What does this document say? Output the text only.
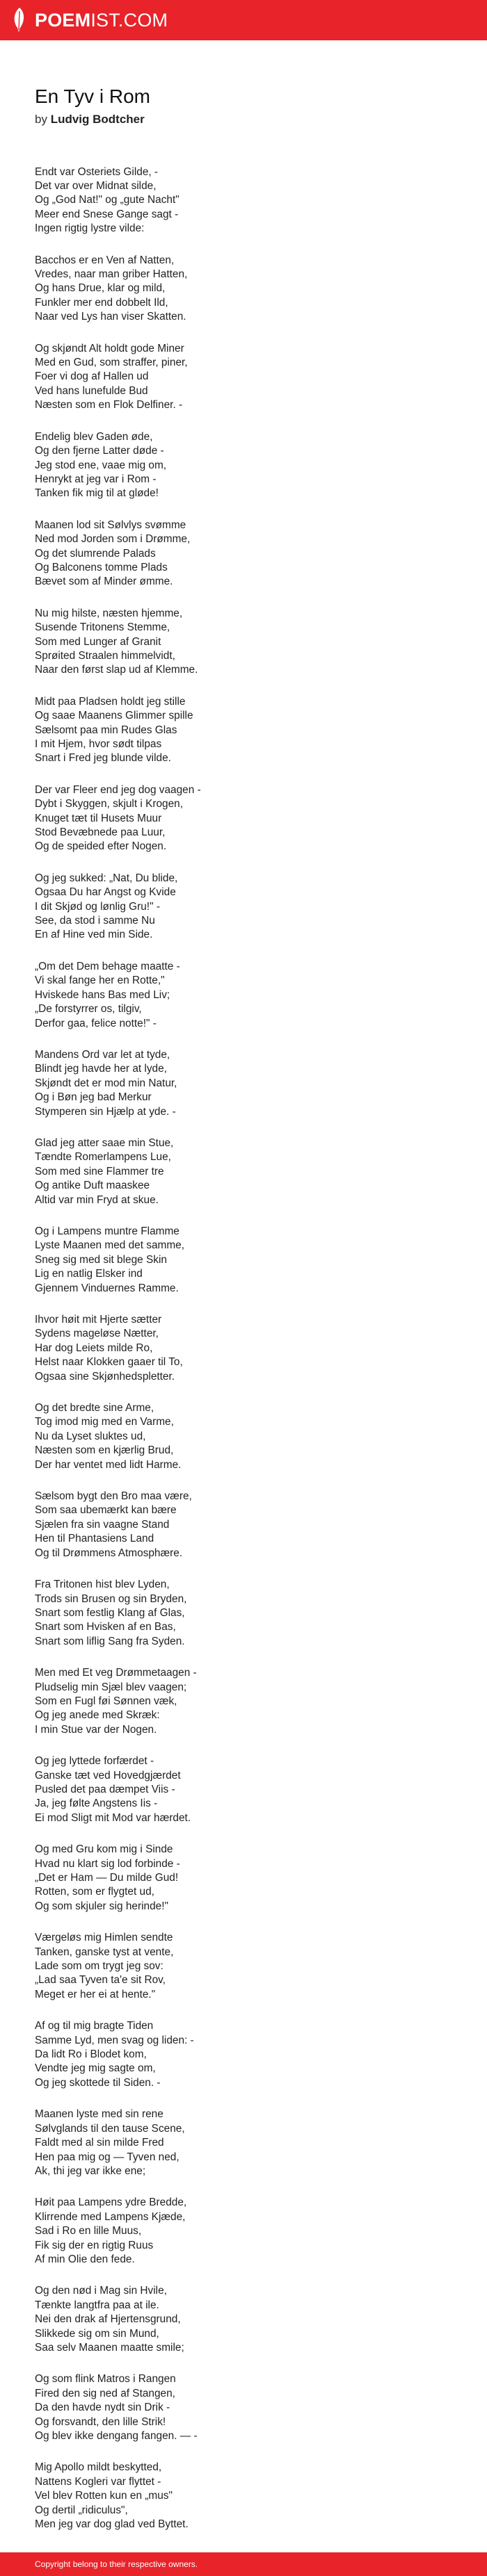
POEMIST.COM
En Tyv i Rom
by Ludvig Bodtcher
Endt var Osteriets Gilde, -
Det var over Midnat silde,
Og „God Nat!" og „gute Nacht"
Meer end Snese Gange sagt -
Ingen rigtig lystre vilde:
Bacchos er en Ven af Natten,
Vredes, naar man griber Hatten,
Og hans Drue, klar og mild,
Funkler mer end dobbelt Ild,
Naar ved Lys han viser Skatten.
Og skjøndt Alt holdt gode Miner
Med en Gud, som straffer, piner,
Foer vi dog af Hallen ud
Ved hans lunefulde Bud
Næsten som en Flok Delfiner. -
Endelig blev Gaden øde,
Og den fjerne Latter døde -
Jeg stod ene, vaae mig om,
Henrykt at jeg var i Rom -
Tanken fik mig til at gløde!
Maanen lod sit Sølvlys svømme
Ned mod Jorden som i Drømme,
Og det slumrende Palads
Og Balconens tomme Plads
Bævet som af Minder ømme.
Nu mig hilste, næsten hjemme,
Susende Tritonens Stemme,
Som med Lunger af Granit
Sprøited Straalen himmelvidt,
Naar den først slap ud af Klemme.
Midt paa Pladsen holdt jeg stille
Og saae Maanens Glimmer spille
Sælsomt paa min Rudes Glas
I mit Hjem, hvor sødt tilpas
Snart i Fred jeg blunde vilde.
Der var Fleer end jeg dog vaagen -
Dybt i Skyggen, skjult i Krogen,
Knuget tæt til Husets Muur
Stod Bevæbnede paa Luur,
Og de speided efter Nogen.
Og jeg sukked: „Nat, Du blide,
Ogsaa Du har Angst og Kvide
I dit Skjød og lønlig Gru!" -
See, da stod i samme Nu
En af Hine ved min Side.
„Om det Dem behage maatte -
Vi skal fange her en Rotte,"
Hviskede hans Bas med Liv;
„De forstyrrer os, tilgiv,
Derfor gaa, felice notte!" -
Mandens Ord var let at tyde,
Blindt jeg havde her at lyde,
Skjøndt det er mod min Natur,
Og i Bøn jeg bad Merkur
Stymperen sin Hjælp at yde. -
Glad jeg atter saae min Stue,
Tændte Romerlampens Lue,
Som med sine Flammer tre
Og antike Duft maaskee
Altid var min Fryd at skue.
Og i Lampens muntre Flamme
Lyste Maanen med det samme,
Sneg sig med sit blege Skin
Lig en natlig Elsker ind
Gjennem Vinduernes Ramme.
Ihvor høit mit Hjerte sætter
Sydens mageløse Nætter,
Har dog Leiets milde Ro,
Helst naar Klokken gaaer til To,
Ogsaa sine Skjønhedspletter.
Og det bredte sine Arme,
Tog imod mig med en Varme,
Nu da Lyset sluktes ud,
Næsten som en kjærlig Brud,
Der har ventet med lidt Harme.
Sælsom bygt den Bro maa være,
Som saa ubemærkt kan bære
Sjælen fra sin vaagne Stand
Hen til Phantasiens Land
Og til Drømmens Atmosphære.
Fra Tritonen hist blev Lyden,
Trods sin Brusen og sin Bryden,
Snart som festlig Klang af Glas,
Snart som Hvisken af en Bas,
Snart som liflig Sang fra Syden.
Men med Et veg Drømmetaagen -
Pludselig min Sjæl blev vaagen;
Som en Fugl føi Sønnen væk,
Og jeg anede med Skræk:
I min Stue var der Nogen.
Og jeg lyttede forfærdet -
Ganske tæt ved Hovedgjærdet
Pusled det paa dæmpet Viis -
Ja, jeg følte Angstens Iis -
Ei mod Sligt mit Mod var hærdet.
Og med Gru kom mig i Sinde
Hvad nu klart sig lod forbinde -
„Det er Ham — Du milde Gud!
Rotten, som er flygtet ud,
Og som skjuler sig herinde!"
Værgeløs mig Himlen sendte
Tanken, ganske tyst at vente,
Lade som om trygt jeg sov:
„Lad saa Tyven ta'e sit Rov,
Meget er her ei at hente."
Af og til mig bragte Tiden
Samme Lyd, men svag og liden: -
Da lidt Ro i Blodet kom,
Vendte jeg mig sagte om,
Og jeg skottede til Siden. -
Maanen lyste med sin rene
Sølvglands til den tause Scene,
Faldt med al sin milde Fred
Hen paa mig og — Tyven ned,
Ak, thi jeg var ikke ene;
Høit paa Lampens ydre Bredde,
Klirrende med Lampens Kjæde,
Sad i Ro en lille Muus,
Fik sig der en rigtig Ruus
Af min Olie den fede.
Og den nød i Mag sin Hvile,
Tænkte langtfra paa at ile.
Nei den drak af Hjertensgrund,
Slikkede sig om sin Mund,
Saa selv Maanen maatte smile;
Og som flink Matros i Rangen
Fired den sig ned af Stangen,
Da den havde nydt sin Drik -
Og forsvandt, den lille Strik!
Og blev ikke dengang fangen. — -
Mig Apollo mildt beskytted,
Nattens Kogleri var flyttet -
Vel blev Rotten kun en „mus"
Og dertil „ridiculus",
Men jeg var dog glad ved Byttet.
Copyright belong to their respective owners.
